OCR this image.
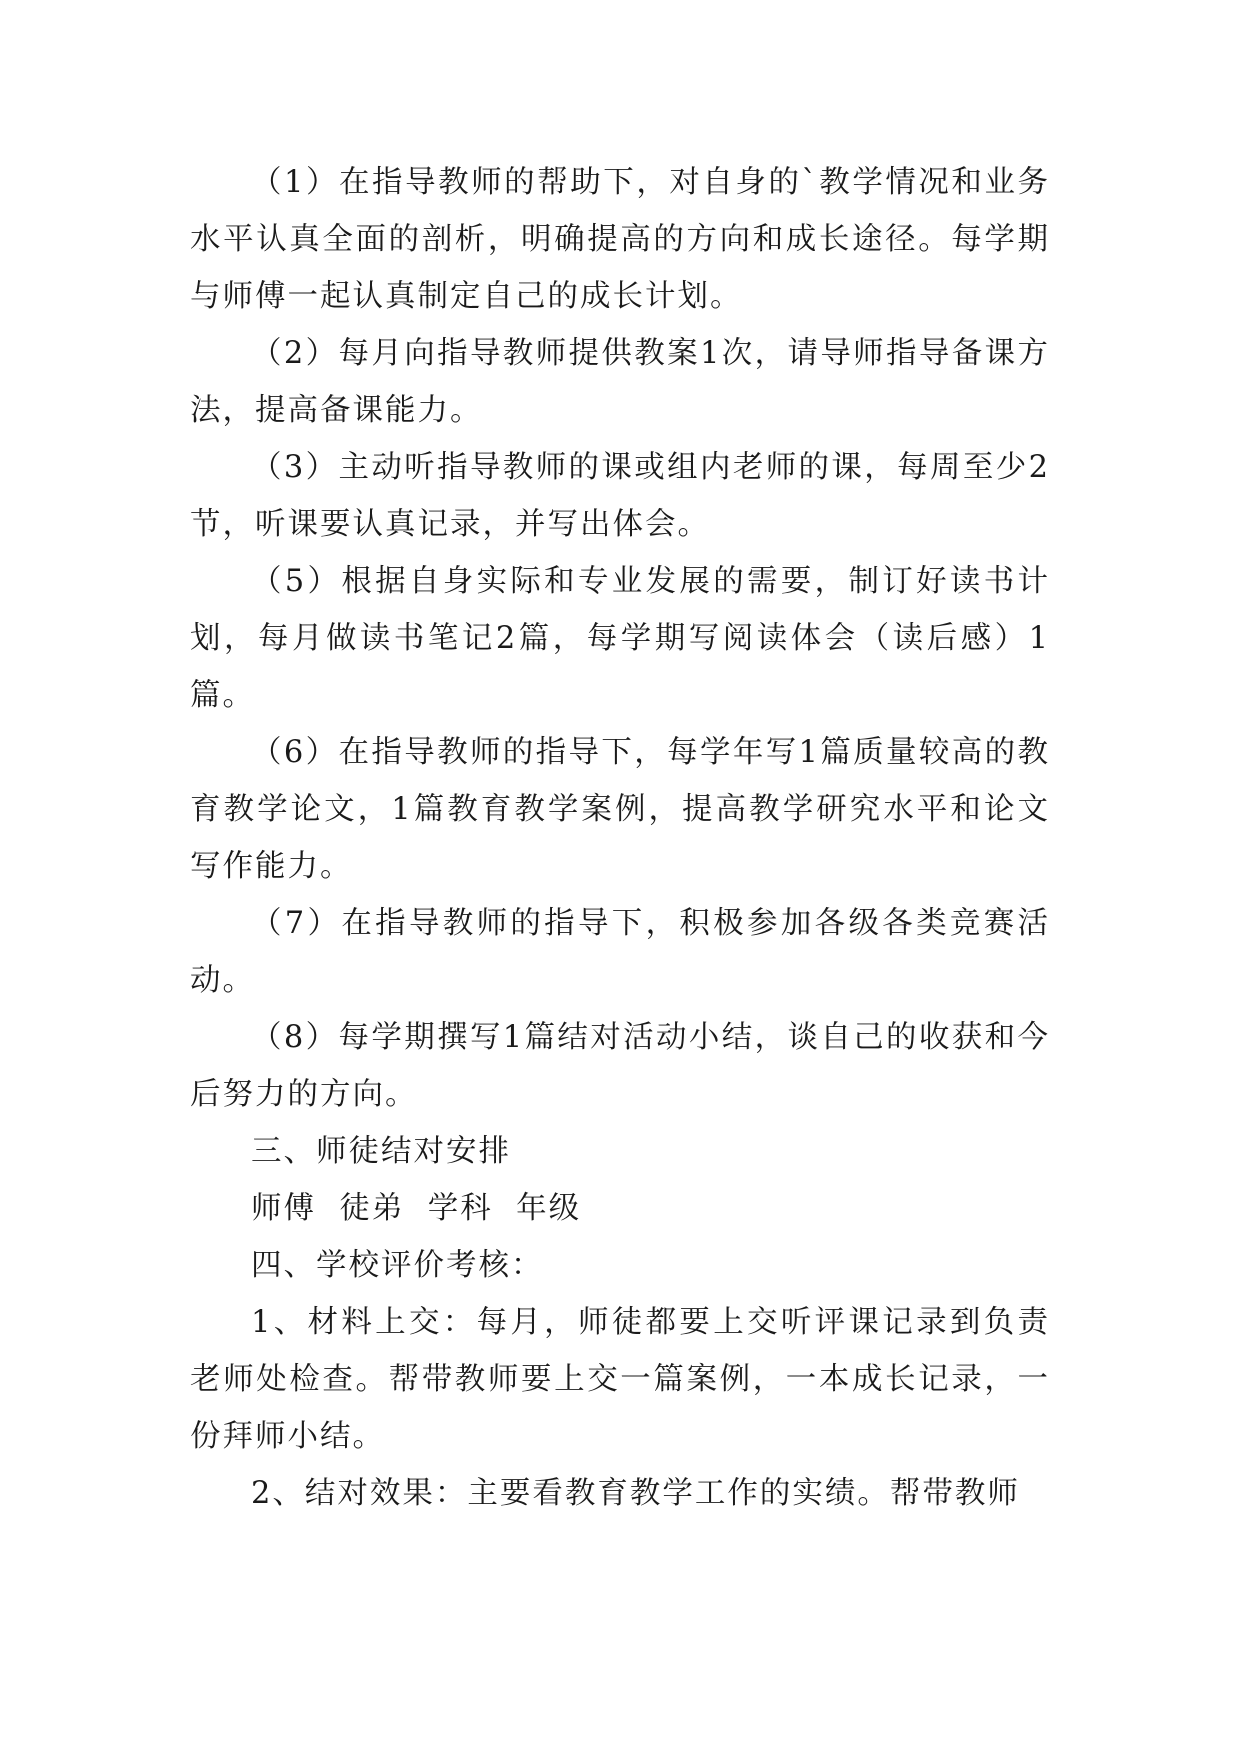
（1）在指导教师的帮助下，对自身的`教学情况和业务水平认真全面的剖析，明确提高的方向和成长途径。每学期与师傅一起认真制定自己的成长计划。

（2）每月向指导教师提供教案1次，请导师指导备课方法，提高备课能力。

（3）主动听指导教师的课或组内老师的课，每周至少2节，听课要认真记录，并写出体会。

（5）根据自身实际和专业发展的需要，制订好读书计划，每月做读书笔记2篇，每学期写阅读体会（读后感）1篇。

（6）在指导教师的指导下，每学年写1篇质量较高的教育教学论文，1篇教育教学案例，提高教学研究水平和论文写作能力。

（7）在指导教师的指导下，积极参加各级各类竞赛活动。

（8）每学期撰写1篇结对活动小结，谈自己的收获和今后努力的方向。

三、师徒结对安排

师傅  徒弟  学科  年级

四、学校评价考核：

1、材料上交：每月，师徒都要上交听评课记录到负责老师处检查。帮带教师要上交一篇案例，一本成长记录，一份拜师小结。

2、结对效果：主要看教育教学工作的实绩。帮带教师
